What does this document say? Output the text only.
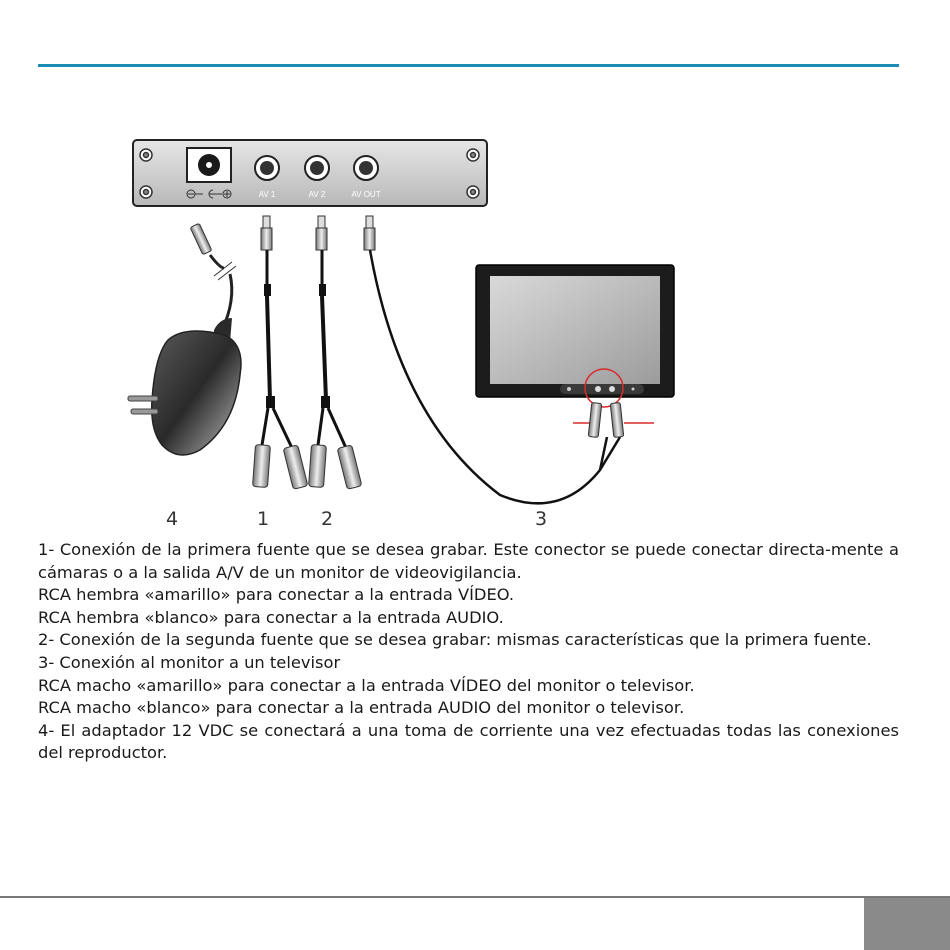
AV 1	AV 2	AV OUT
4	1	2	3

1- Conexión de la primera fuente que se desea grabar. Este conector se puede conectar directa-mente a cámaras o a la salida A/V de un monitor de videovigilancia.

RCA hembra «amarillo» para conectar a la entrada VÍDEO.

RCA hembra «blanco» para conectar a la entrada AUDIO.

2- Conexión de la segunda fuente que se desea grabar: mismas características que la primera fuente.

3- Conexión al monitor a un televisor

RCA macho «amarillo» para conectar a la entrada VÍDEO del monitor o televisor.

RCA macho «blanco» para conectar a la entrada AUDIO del monitor o televisor.

4- El adaptador 12 VDC se conectará a una toma de corriente una vez efectuadas todas las conexiones del reproductor.
